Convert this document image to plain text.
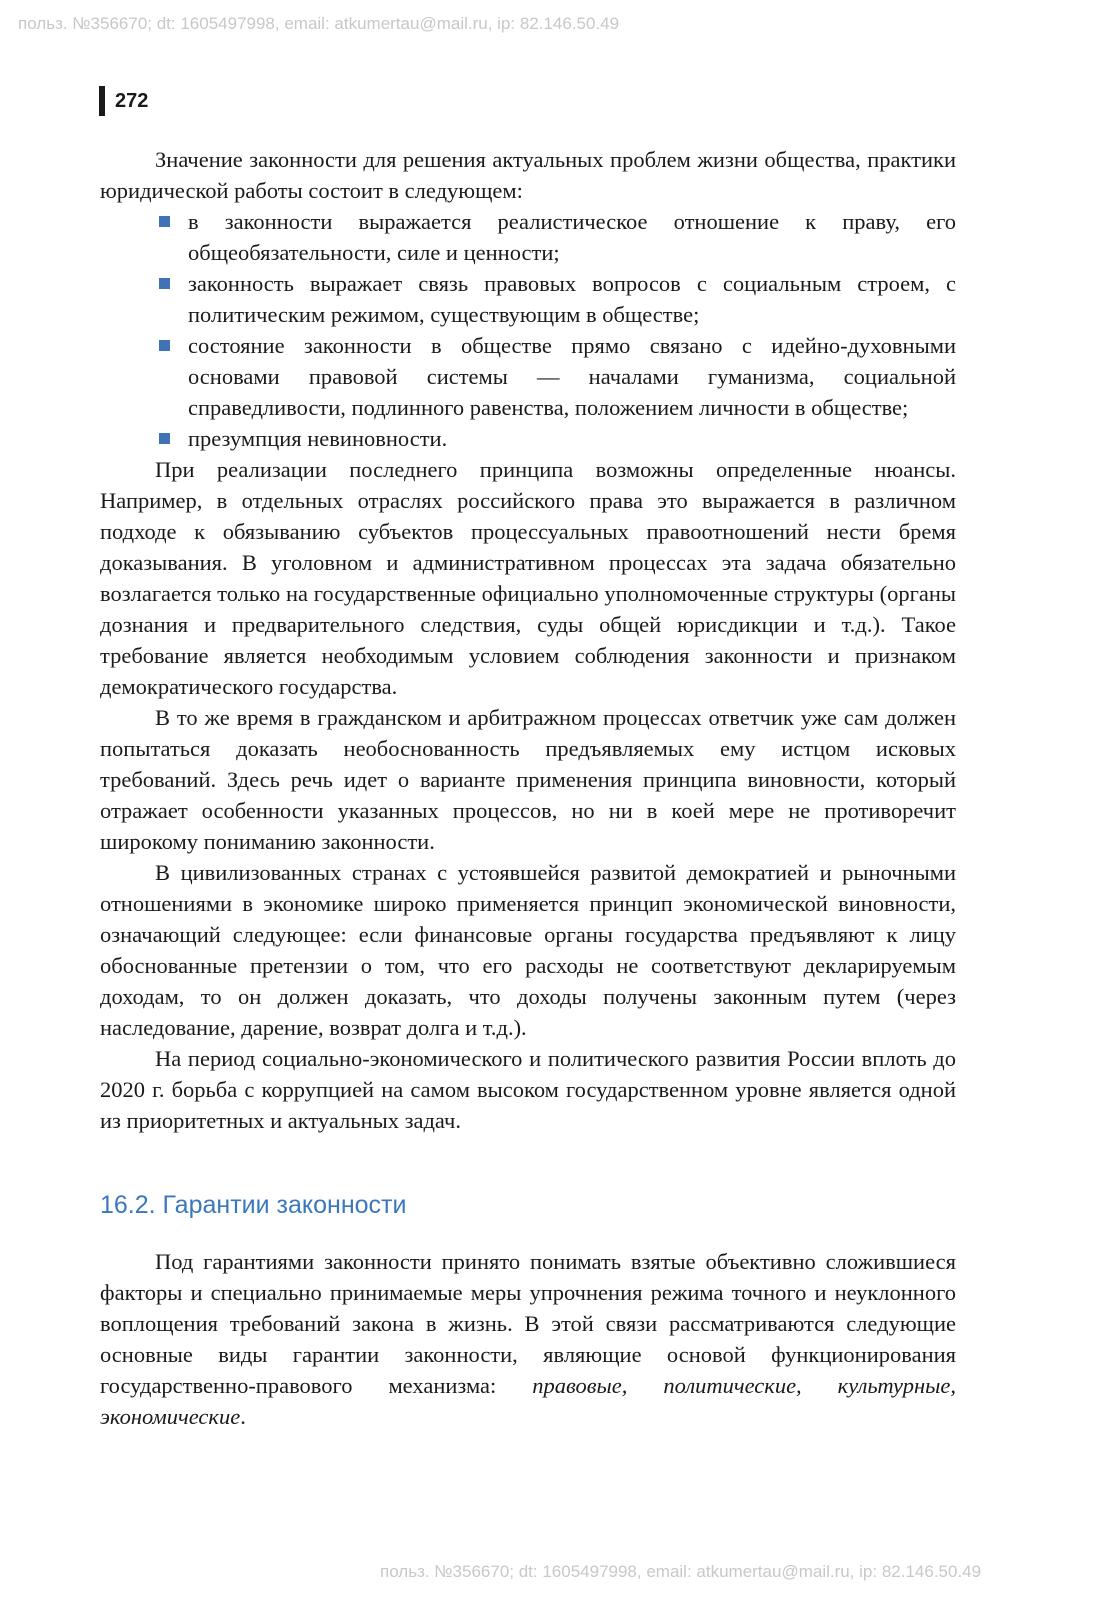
польз. №356670; dt: 1605497998, email: atkumertau@mail.ru, ip: 82.146.50.49
272

Значение законности для решения актуальных проблем жизни общества, практики юридической работы состоит в следующем:

в законности выражается реалистическое отношение к праву, его общеобязательности, силе и ценности;
законность выражает связь правовых вопросов с социальным строем, с политическим режимом, существующим в обществе;
состояние законности в обществе прямо связано с идейно-духовными основами правовой системы — началами гуманизма, социальной справедливости, подлинного равенства, положением личности в обществе;
презумпция невиновности.

При реализации последнего принципа возможны определенные нюансы. Например, в отдельных отраслях российского права это выражается в различном подходе к обязыванию субъектов процессуальных правоотношений нести бремя доказывания. В уголовном и административном процессах эта задача обязательно возлагается только на государственные официально уполномоченные структуры (органы дознания и предварительного следствия, суды общей юрисдикции и т.д.). Такое требование является необходимым условием соблюдения законности и признаком демократического государства.

В то же время в гражданском и арбитражном процессах ответчик уже сам должен попытаться доказать необоснованность предъявляемых ему истцом исковых требований. Здесь речь идет о варианте применения принципа виновности, который отражает особенности указанных процессов, но ни в коей мере не противоречит широкому пониманию законности.

В цивилизованных странах с устоявшейся развитой демократией и рыночными отношениями в экономике широко применяется принцип экономической виновности, означающий следующее: если финансовые органы государства предъявляют к лицу обоснованные претензии о том, что его расходы не соответствуют декларируемым доходам, то он должен доказать, что доходы получены законным путем (через наследование, дарение, возврат долга и т.д.).

На период социально-экономического и политического развития России вплоть до 2020 г. борьба с коррупцией на самом высоком государственном уровне является одной из приоритетных и актуальных задач.

16.2. Гарантии законности

Под гарантиями законности принято понимать взятые объективно сложившиеся факторы и специально принимаемые меры упрочнения режима точного и неуклонного воплощения требований закона в жизнь. В этой связи рассматриваются следующие основные виды гарантии законности, являющие основой функционирования государственно-правового механизма: правовые, политические, культурные, экономические.

польз. №356670; dt: 1605497998, email: atkumertau@mail.ru, ip: 82.146.50.49
